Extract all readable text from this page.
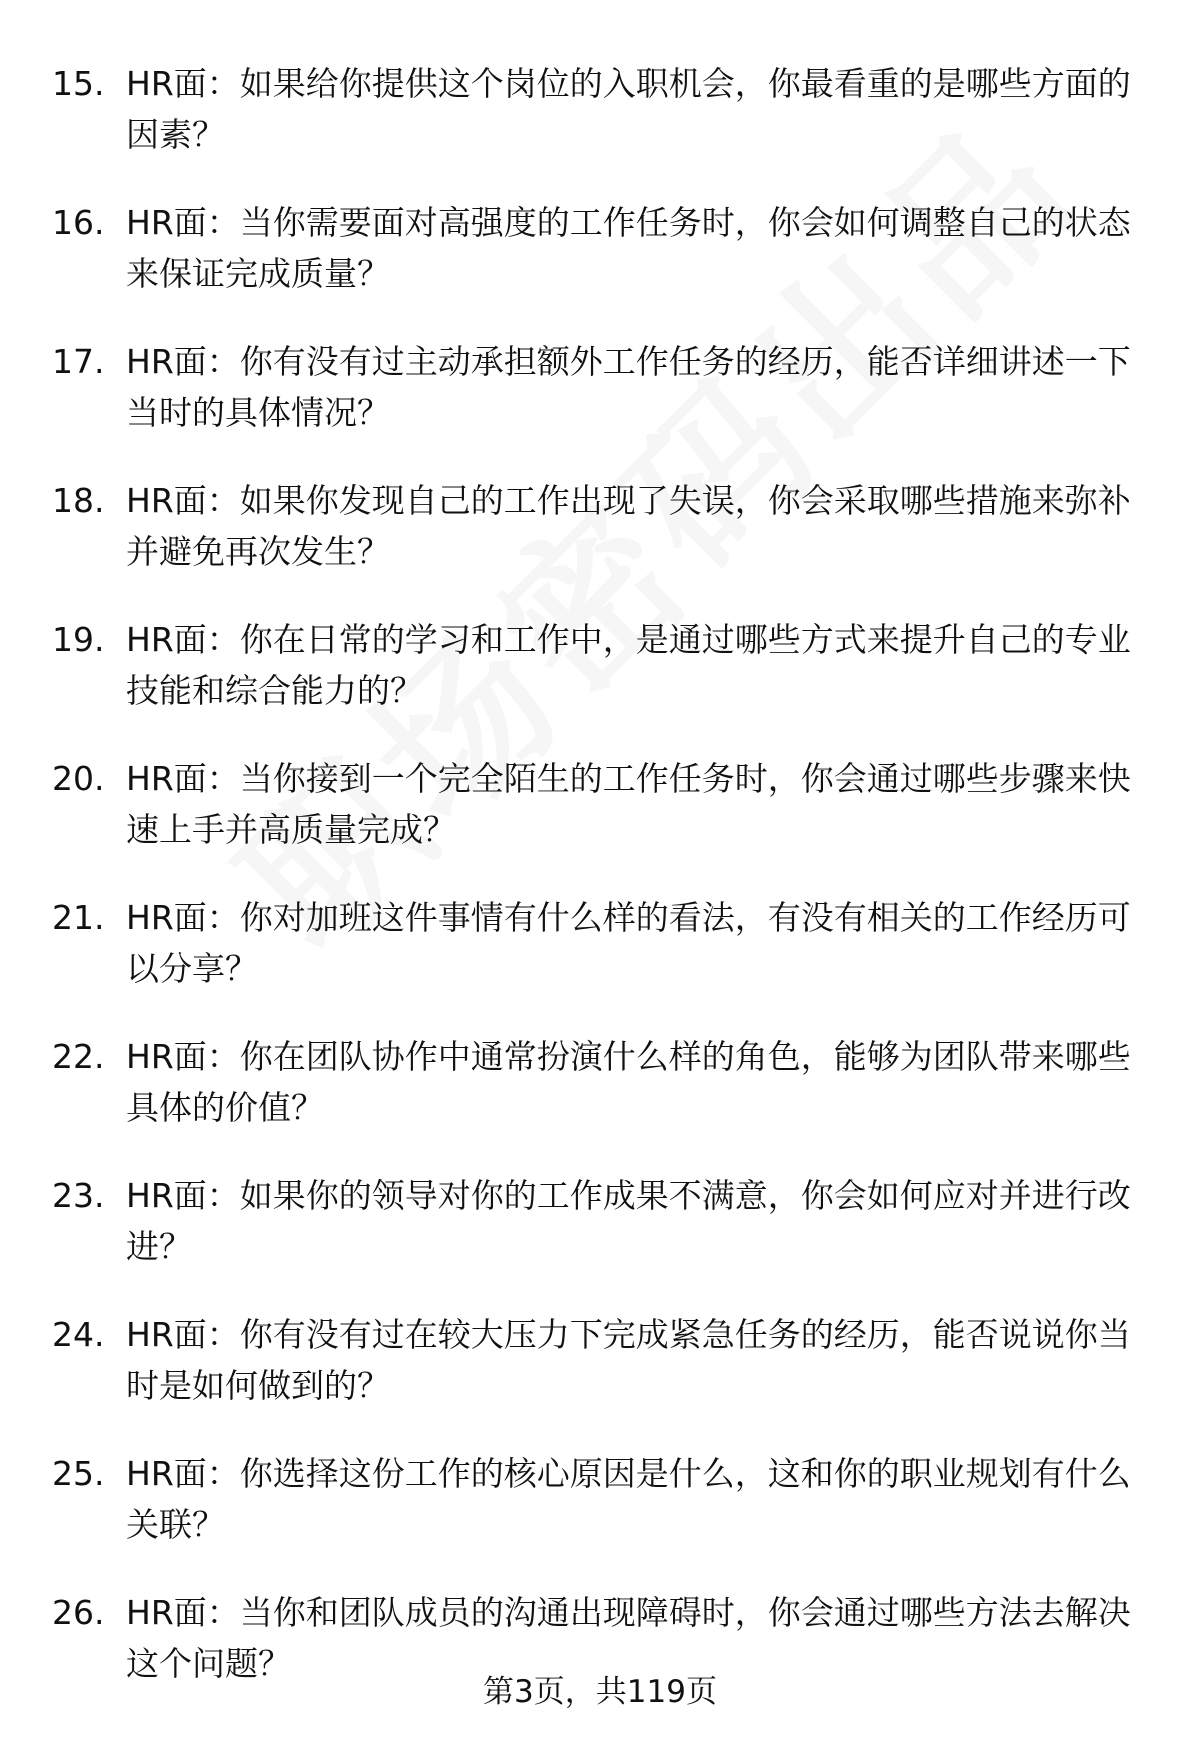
15. HR面：如果给你提供这个岗位的入职机会，你最看重的是哪些方面的因素？
16. HR面：当你需要面对高强度的工作任务时，你会如何调整自己的状态来保证完成质量？
17. HR面：你有没有过主动承担额外工作任务的经历，能否详细讲述一下当时的具体情况？
18. HR面：如果你发现自己的工作出现了失误，你会采取哪些措施来弥补并避免再次发生？
19. HR面：你在日常的学习和工作中，是通过哪些方式来提升自己的专业技能和综合能力的？
20. HR面：当你接到一个完全陌生的工作任务时，你会通过哪些步骤来快速上手并高质量完成？
21. HR面：你对加班这件事情有什么样的看法，有没有相关的工作经历可以分享？
22. HR面：你在团队协作中通常扮演什么样的角色，能够为团队带来哪些具体的价值？
23. HR面：如果你的领导对你的工作成果不满意，你会如何应对并进行改进？
24. HR面：你有没有过在较大压力下完成紧急任务的经历，能否说说你当时是如何做到的？
25. HR面：你选择这份工作的核心原因是什么，这和你的职业规划有什么关联？
26. HR面：当你和团队成员的沟通出现障碍时，你会通过哪些方法去解决这个问题？
第3页，共119页
